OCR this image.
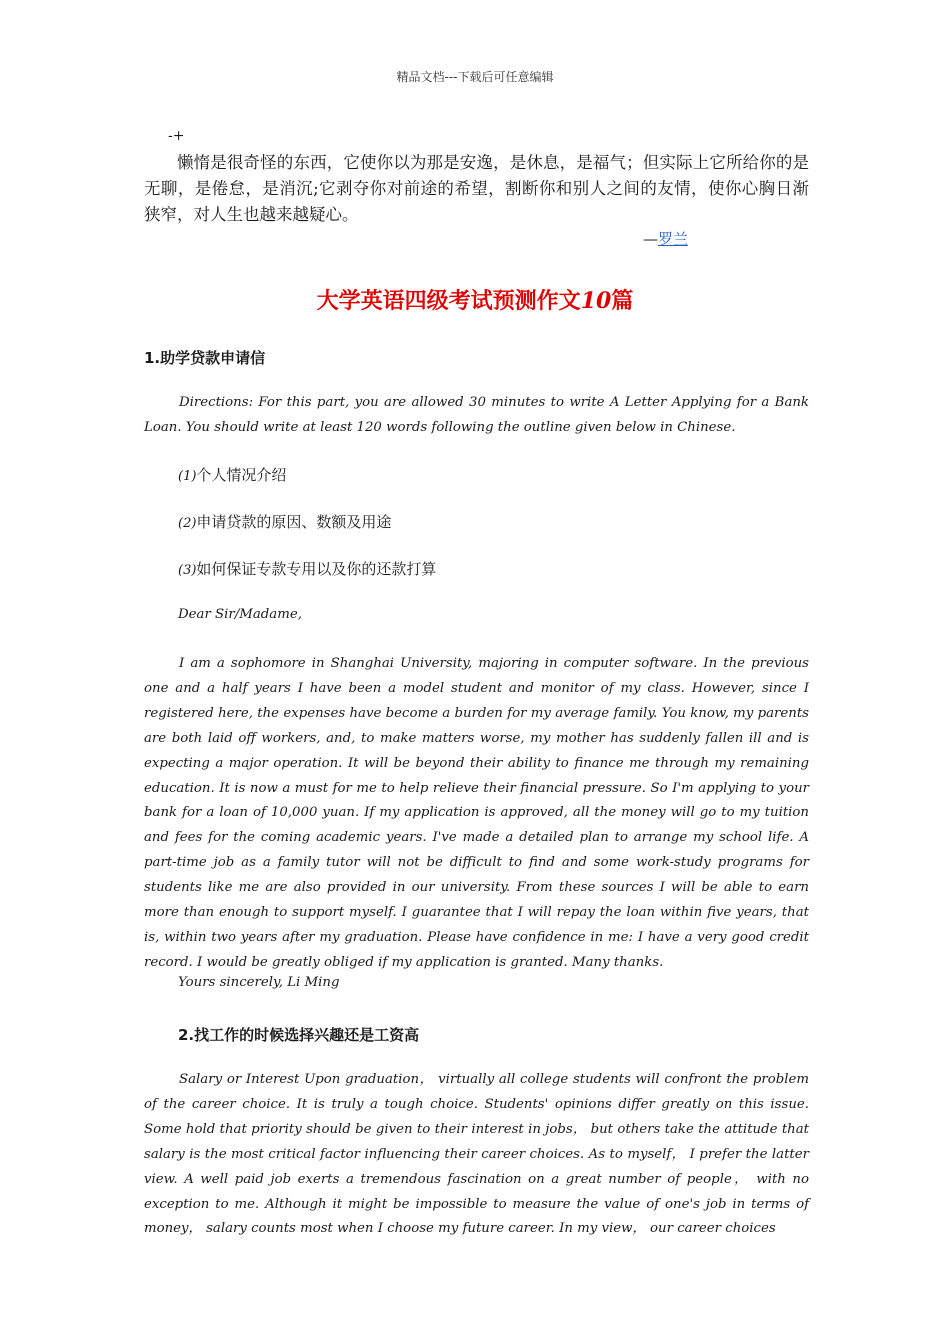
精品文档---下载后可任意编辑
-+
懒惰是很奇怪的东西，它使你以为那是安逸，是休息，是福气；但实际上它所给你的是无聊，是倦怠，是消沉;它剥夺你对前途的希望，割断你和别人之间的友情，使你心胸日渐狭窄，对人生也越来越疑心。
—罗兰
大学英语四级考试预测作文10篇
1.助学贷款申请信
Directions: For this part, you are allowed 30 minutes to write A Letter Applying for a Bank Loan. You should write at least 120 words following the outline given below in Chinese.
(1)个人情况介绍
(2)申请贷款的原因、数额及用途
(3)如何保证专款专用以及你的还款打算
Dear Sir/Madame,
I am a sophomore in Shanghai University, majoring in computer software. In the previous one and a half years I have been a model student and monitor of my class. However, since I registered here, the expenses have become a burden for my average family. You know, my parents are both laid off workers, and, to make matters worse, my mother has suddenly fallen ill and is expecting a major operation. It will be beyond their ability to finance me through my remaining education. It is now a must for me to help relieve their financial pressure. So I'm applying to your bank for a loan of 10,000 yuan. If my application is approved, all the money will go to my tuition and fees for the coming academic years. I've made a detailed plan to arrange my school life. A part-time job as a family tutor will not be difficult to find and some work-study programs for students like me are also provided in our university. From these sources I will be able to earn more than enough to support myself. I guarantee that I will repay the loan within five years, that is, within two years after my graduation. Please have confidence in me: I have a very good credit record. I would be greatly obliged if my application is granted. Many thanks.
Yours sincerely, Li Ming
2.找工作的时候选择兴趣还是工资高
Salary or Interest Upon graduation， virtually all college students will confront the problem of the career choice. It is truly a tough choice. Students' opinions differ greatly on this issue. Some hold that priority should be given to their interest in jobs， but others take the attitude that salary is the most critical factor influencing their career choices. As to myself， I prefer the latter view. A well paid job exerts a tremendous fascination on a great number of people， with no exception to me. Although it might be impossible to measure the value of one's job in terms of money， salary counts most when I choose my future career. In my view， our career choices
